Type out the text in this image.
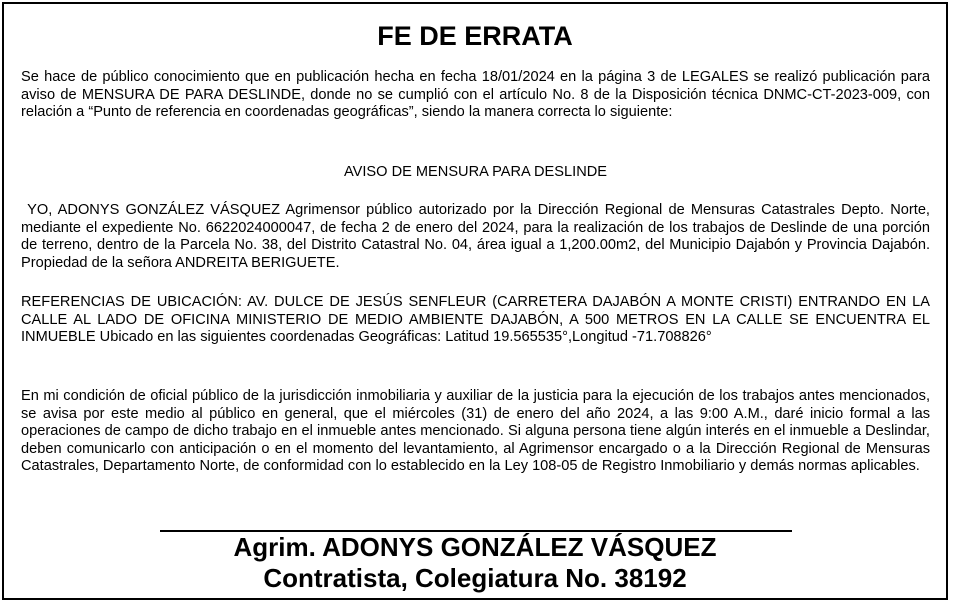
FE DE ERRATA

Se hace de público conocimiento que en publicación hecha en fecha 18/01/2024 en la página 3 de LEGALES se realizó publicación para aviso de MENSURA DE PARA DESLINDE, donde no se cumplió con el artículo No. 8 de la Disposición técnica DNMC-CT-2023-009, con relación a “Punto de referencia en coordenadas geográficas”, siendo la manera correcta lo siguiente:

AVISO DE MENSURA PARA DESLINDE

YO, ADONYS GONZÁLEZ VÁSQUEZ Agrimensor público autorizado por la Dirección Regional de Mensuras Catastrales Depto. Norte, mediante el expediente No. 6622024000047, de fecha 2 de enero del 2024, para la realización de los trabajos de Deslinde de una porción de terreno, dentro de la Parcela No. 38, del Distrito Catastral No. 04, área igual a 1,200.00m2, del Municipio Dajabón y Provincia Dajabón. Propiedad de la señora ANDREITA BERIGUETE.

REFERENCIAS DE UBICACIÓN: AV. DULCE DE JESÚS SENFLEUR (CARRETERA DAJABÓN A MONTE CRISTI) ENTRANDO EN LA CALLE AL LADO DE OFICINA MINISTERIO DE MEDIO AMBIENTE DAJABÓN, A 500 METROS EN LA CALLE SE ENCUENTRA EL INMUEBLE Ubicado en las siguientes coordenadas Geográficas: Latitud 19.565535°,Longitud -71.708826°

En mi condición de oficial público de la jurisdicción inmobiliaria y auxiliar de la justicia para la ejecución de los trabajos antes mencionados, se avisa por este medio al público en general, que el miércoles (31) de enero del año 2024, a las 9:00 A.M., daré inicio formal a las operaciones de campo de dicho trabajo en el inmueble antes mencionado. Si alguna persona tiene algún interés en el inmueble a Deslindar, deben comunicarlo con anticipación o en el momento del levantamiento, al Agrimensor encargado o a la Dirección Regional de Mensuras Catastrales, Departamento Norte, de conformidad con lo establecido en la Ley 108-05 de Registro Inmobiliario y demás normas aplicables.

Agrim. ADONYS GONZÁLEZ VÁSQUEZ
Contratista, Colegiatura No. 38192
